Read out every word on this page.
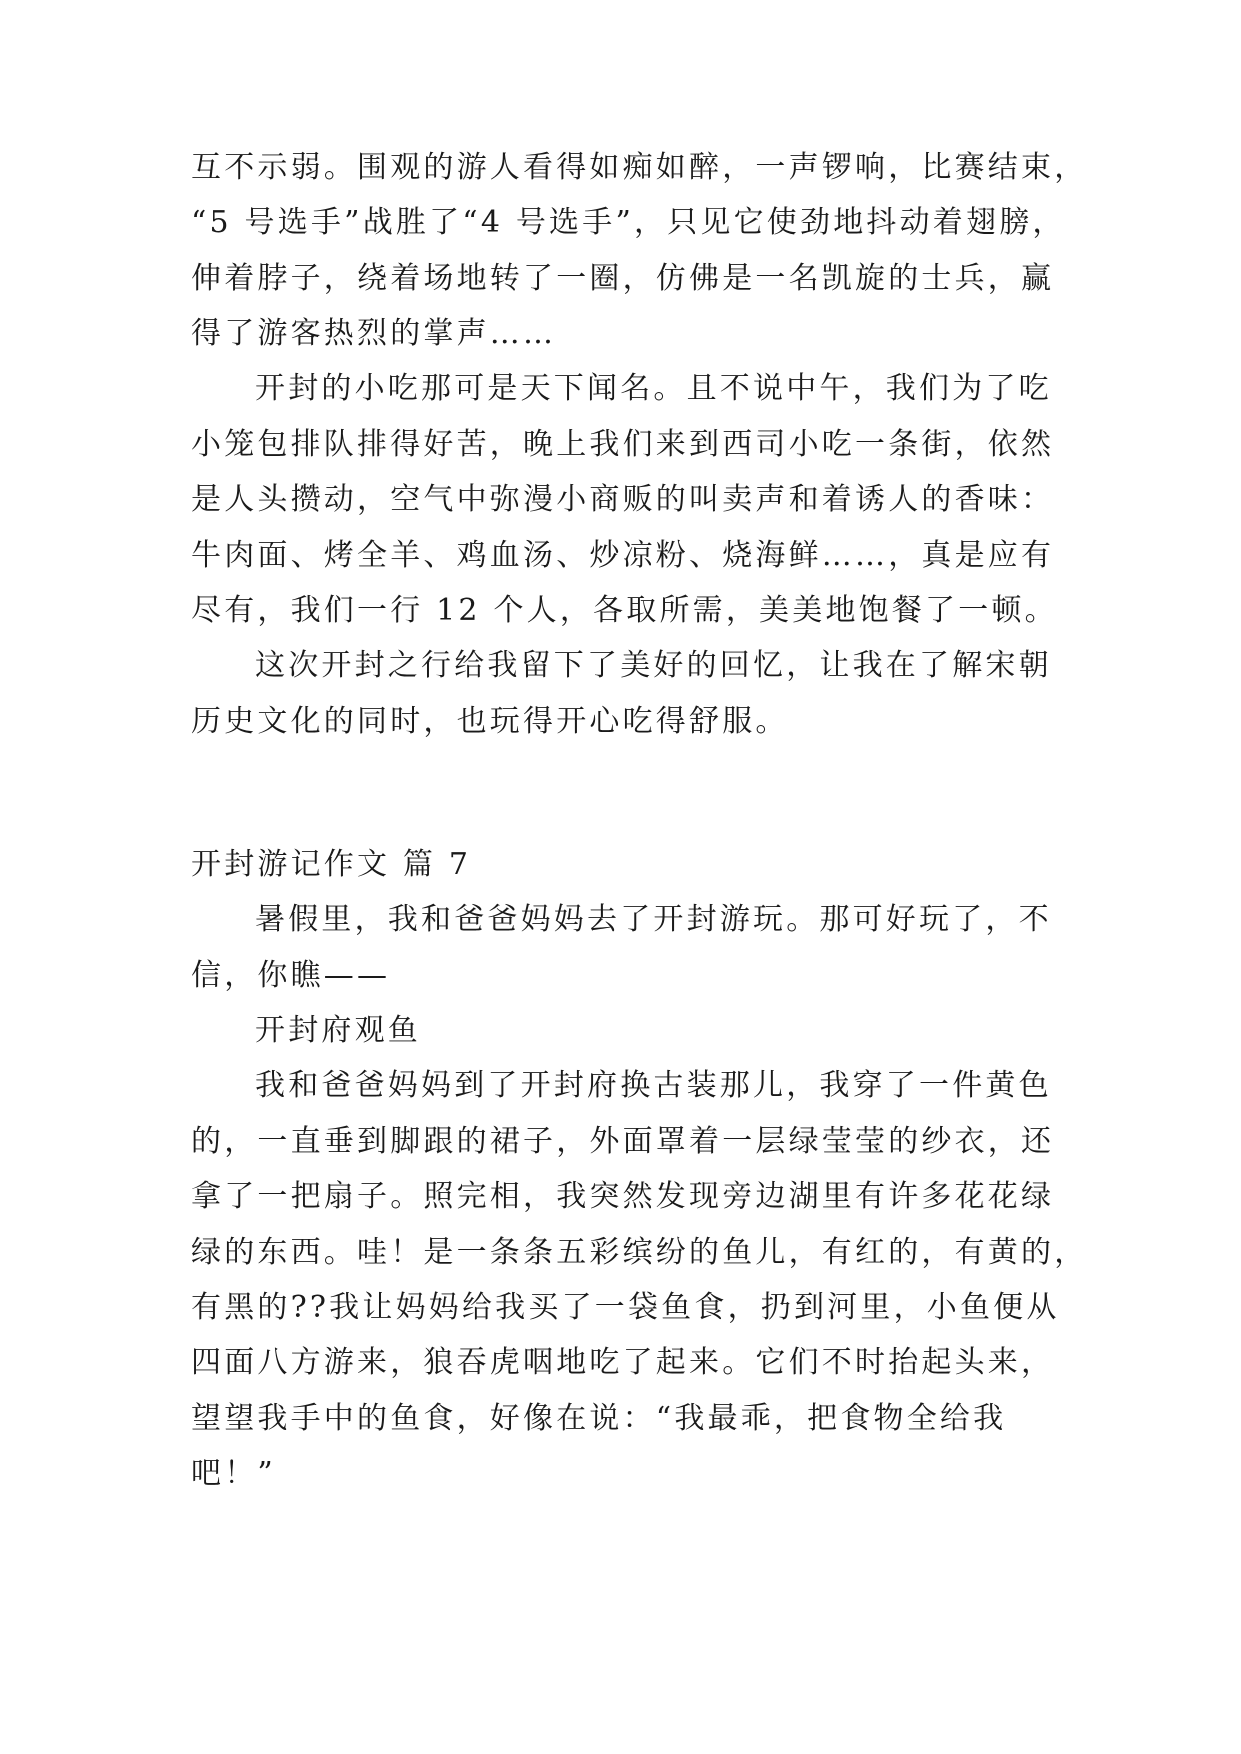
互不示弱。围观的游人看得如痴如醉，一声锣响，比赛结束，
“5 号选手”战胜了“4 号选手”，只见它使劲地抖动着翅膀，
伸着脖子，绕着场地转了一圈，仿佛是一名凯旋的士兵，赢
得了游客热烈的掌声……
开封的小吃那可是天下闻名。且不说中午，我们为了吃
小笼包排队排得好苦，晚上我们来到西司小吃一条街，依然
是人头攒动，空气中弥漫小商贩的叫卖声和着诱人的香味：
牛肉面、烤全羊、鸡血汤、炒凉粉、烧海鲜……，真是应有
尽有，我们一行 12 个人，各取所需，美美地饱餐了一顿。
这次开封之行给我留下了美好的回忆，让我在了解宋朝
历史文化的同时，也玩得开心吃得舒服。
开封游记作文 篇 7
暑假里，我和爸爸妈妈去了开封游玩。那可好玩了，不
信，你瞧——
开封府观鱼
我和爸爸妈妈到了开封府换古装那儿，我穿了一件黄色
的，一直垂到脚跟的裙子，外面罩着一层绿莹莹的纱衣，还
拿了一把扇子。照完相，我突然发现旁边湖里有许多花花绿
绿的东西。哇！是一条条五彩缤纷的鱼儿，有红的，有黄的，
有黑的??我让妈妈给我买了一袋鱼食，扔到河里，小鱼便从
四面八方游来，狼吞虎咽地吃了起来。它们不时抬起头来，
望望我手中的鱼食，好像在说：“我最乖，把食物全给我
吧！”
